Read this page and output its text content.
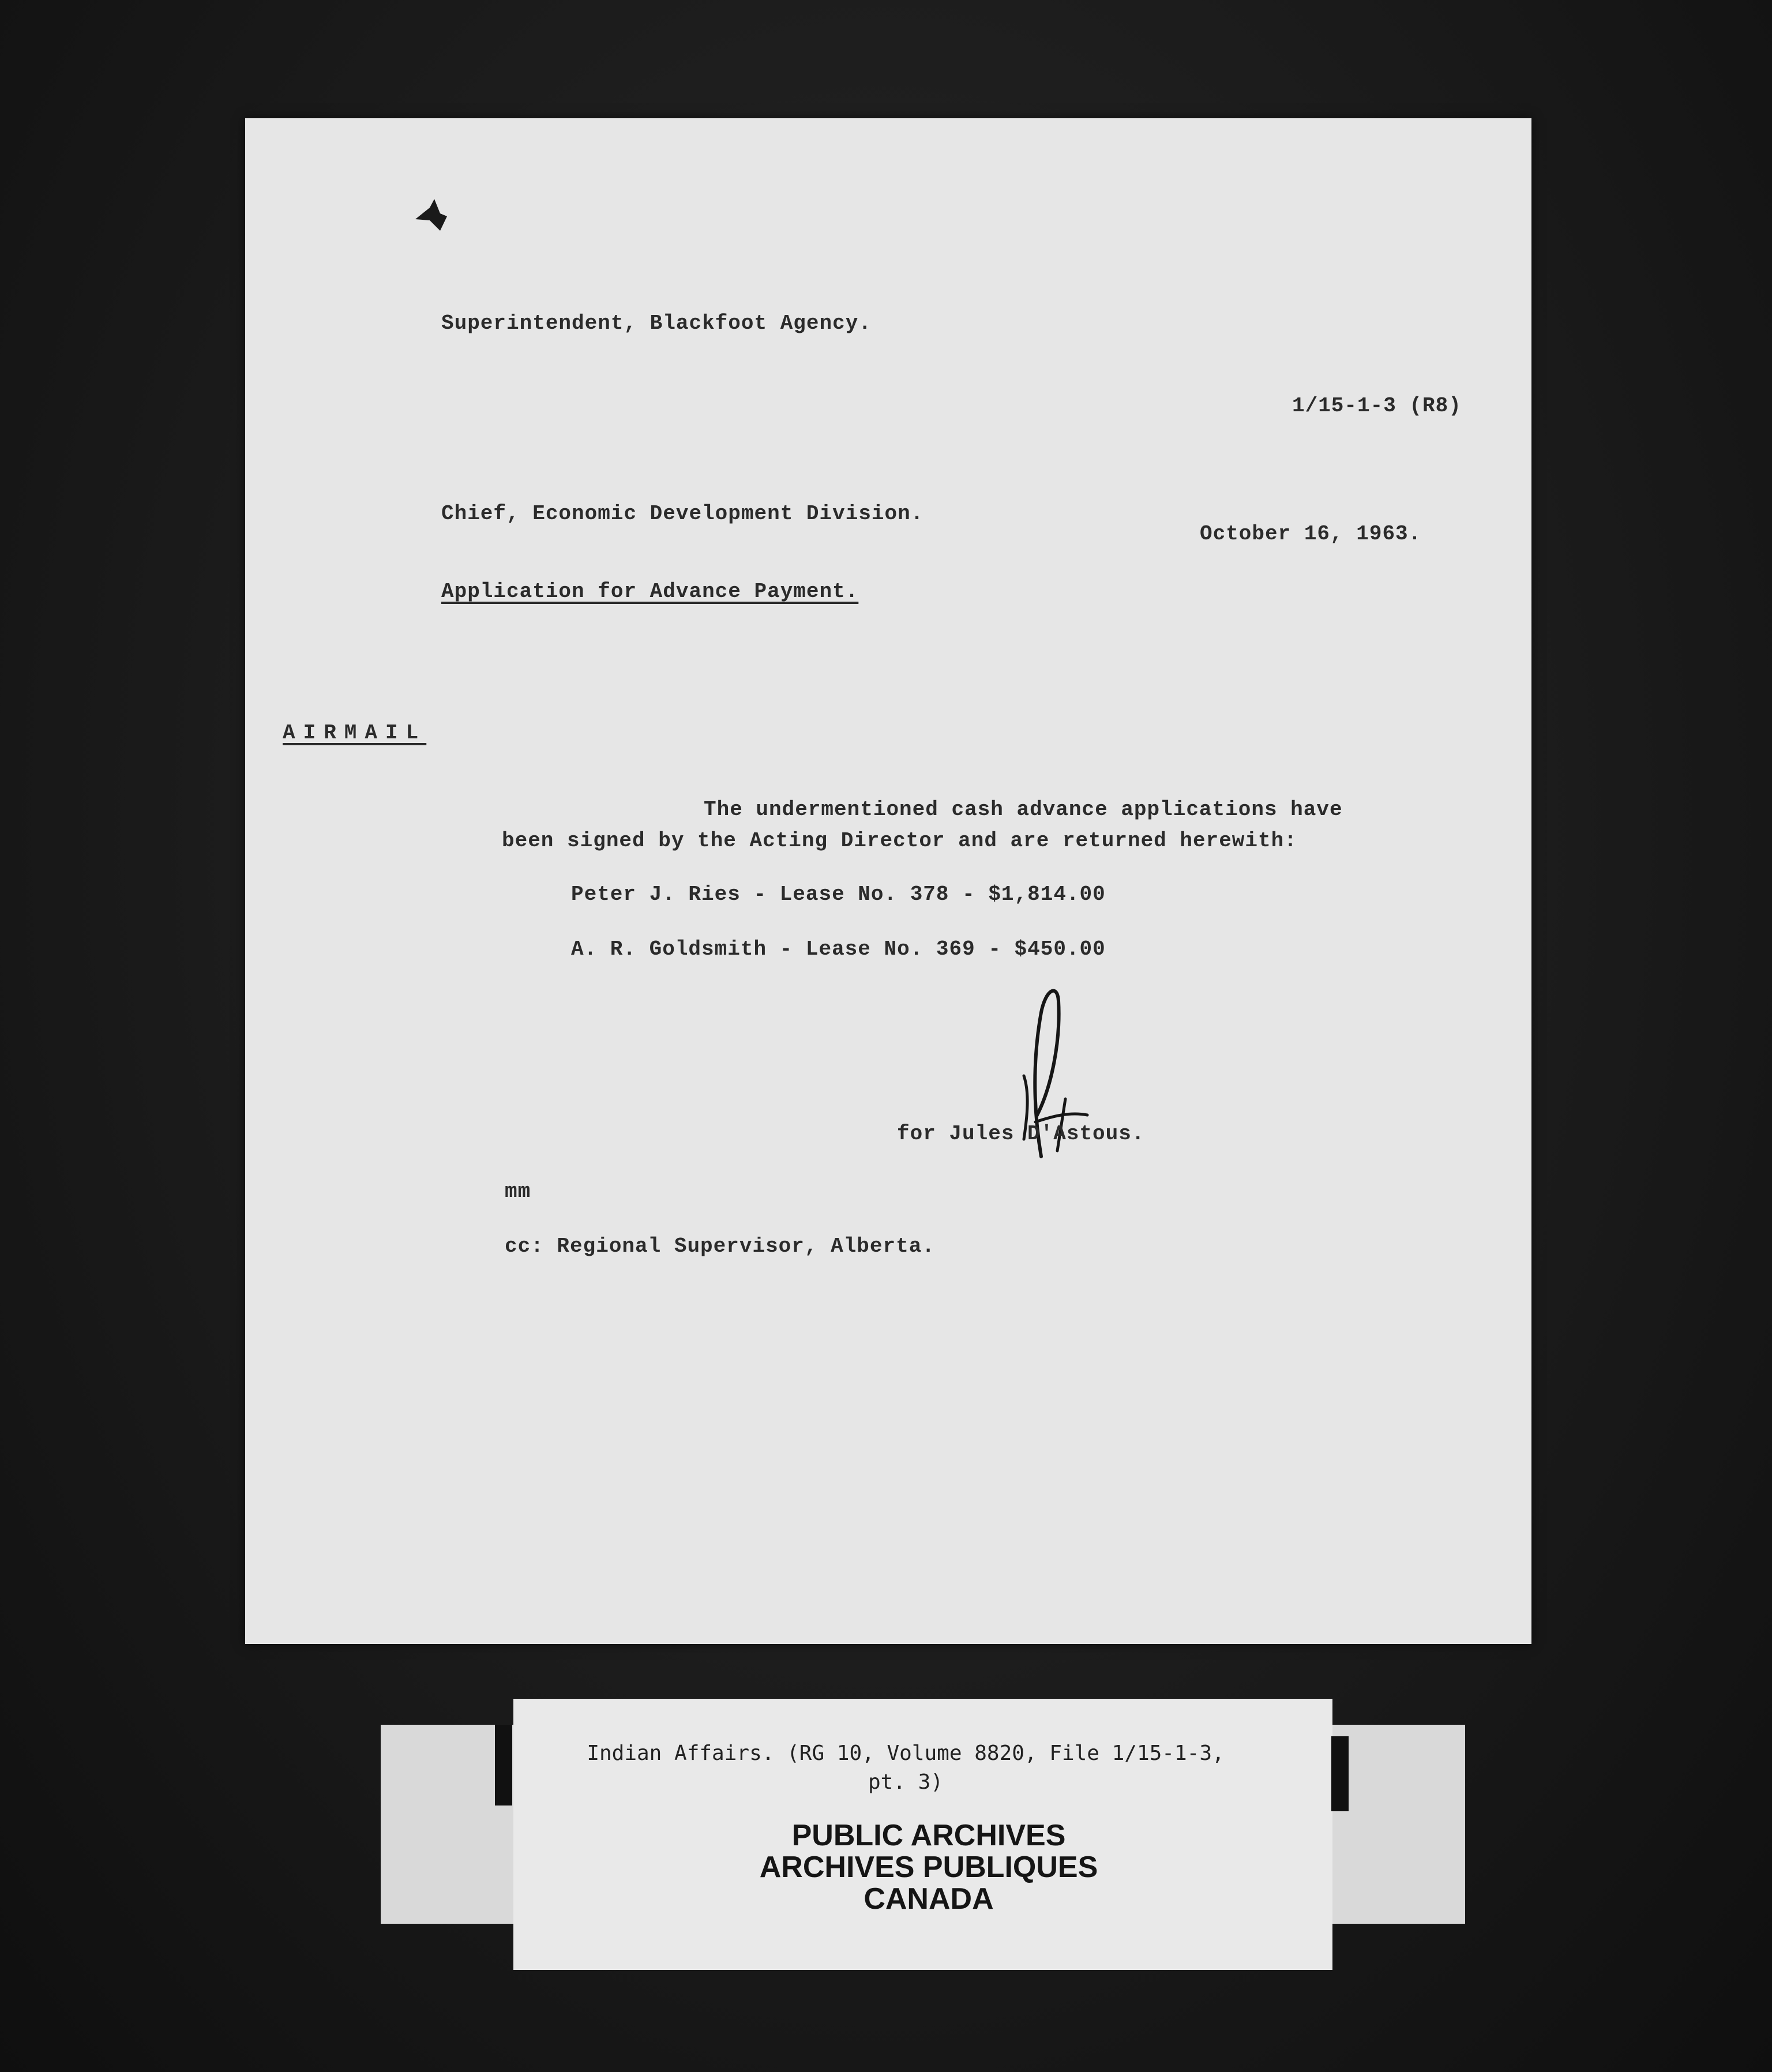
Superintendent, Blackfoot Agency.
1/15-1-3 (R8)
Chief, Economic Development Division.
October 16, 1963.
Application for Advance Payment.
AIRMAIL
The undermentioned cash advance applications have
been signed by the Acting Director and are returned herewith:
Peter J. Ries - Lease No. 378 - $1,814.00
A. R. Goldsmith - Lease No. 369 - $450.00
for Jules D'Astous.
mm
cc: Regional Supervisor, Alberta.
Indian Affairs. (RG 10, Volume 8820, File 1/15-1-3,
pt. 3)
PUBLIC ARCHIVES
ARCHIVES PUBLIQUES
CANADA
